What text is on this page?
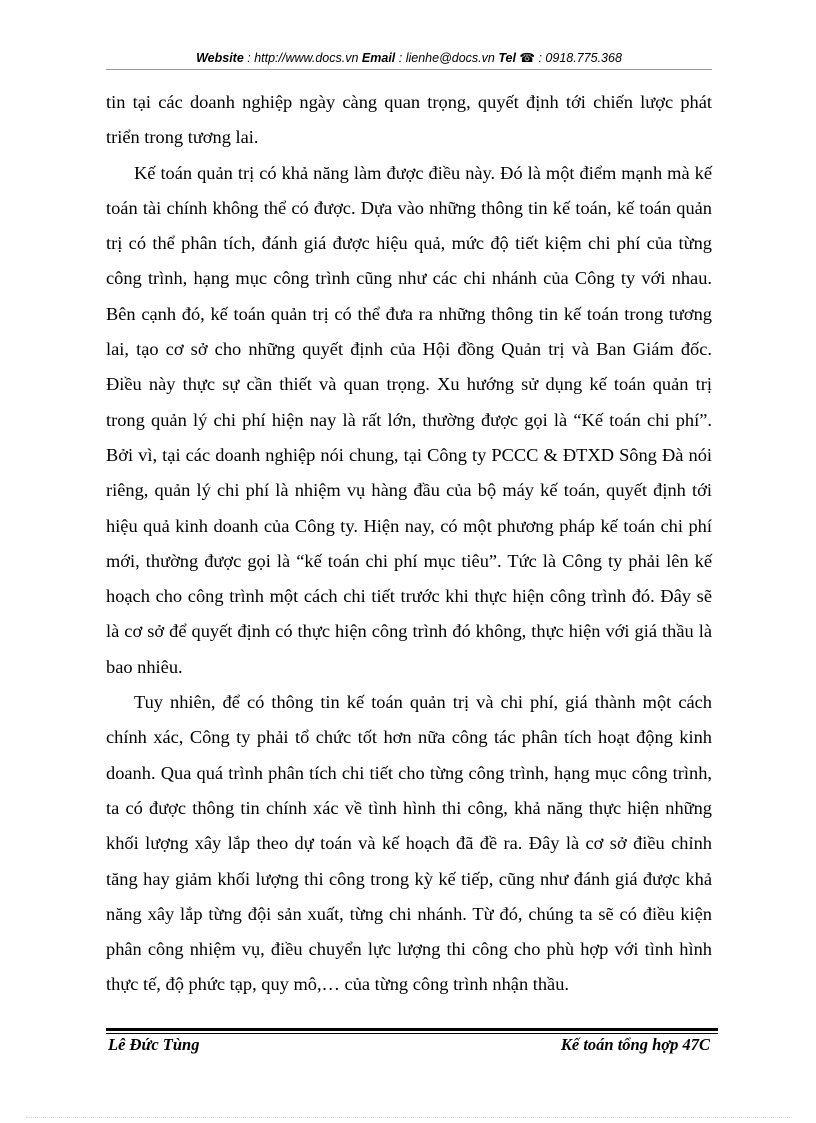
Website : http://www.docs.vn Email : lienhe@docs.vn Tel ☎ : 0918.775.368

tin tại các doanh nghiệp ngày càng quan trọng, quyết định tới chiến lược phát triển trong tương lai.

Kế toán quản trị có khả năng làm được điều này. Đó là một điểm mạnh mà kế toán tài chính không thể có được. Dựa vào những thông tin kế toán, kế toán quản trị có thể phân tích, đánh giá được hiệu quả, mức độ tiết kiệm chi phí của từng công trình, hạng mục công trình cũng như các chi nhánh của Công ty với nhau. Bên cạnh đó, kế toán quản trị có thể đưa ra những thông tin kế toán trong tương lai, tạo cơ sở cho những quyết định của Hội đồng Quản trị và Ban Giám đốc. Điều này thực sự cần thiết và quan trọng. Xu hướng sử dụng kế toán quản trị trong quản lý chi phí hiện nay là rất lớn, thường được gọi là “Kế toán chi phí”. Bởi vì, tại các doanh nghiệp nói chung, tại Công ty PCCC & ĐTXD Sông Đà nói riêng, quản lý chi phí là nhiệm vụ hàng đầu của bộ máy kế toán, quyết định tới hiệu quả kinh doanh của Công ty. Hiện nay, có một phương pháp kế toán chi phí mới, thường được gọi là “kế toán chi phí mục tiêu”. Tức là Công ty phải lên kế hoạch cho công trình một cách chi tiết trước khi thực hiện công trình đó. Đây sẽ là cơ sở để quyết định có thực hiện công trình đó không, thực hiện với giá thầu là bao nhiêu.

Tuy nhiên, để có thông tin kế toán quản trị và chi phí, giá thành một cách chính xác, Công ty phải tổ chức tốt hơn nữa công tác phân tích hoạt động kinh doanh. Qua quá trình phân tích chi tiết cho từng công trình, hạng mục công trình, ta có được thông tin chính xác về tình hình thi công, khả năng thực hiện những khối lượng xây lắp theo dự toán và kế hoạch đã đề ra. Đây là cơ sở điều chỉnh tăng hay giảm khối lượng thi công trong kỳ kế tiếp, cũng như đánh giá được khả năng xây lắp từng đội sản xuất, từng chi nhánh. Từ đó, chúng ta sẽ có điều kiện phân công nhiệm vụ, điều chuyển lực lượng thi công cho phù hợp với tình hình thực tế, độ phức tạp, quy mô,… của từng công trình nhận thầu.

Lê Đức Tùng	Kế toán tổng hợp 47C
